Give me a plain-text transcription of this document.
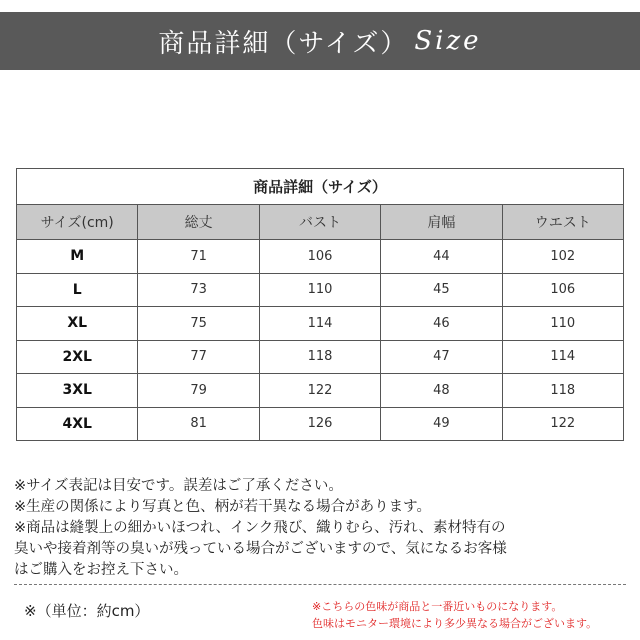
商品詳細（サイズ） Size
商品詳細（サイズ）				
サイズ(cm)	総丈	バスト	肩幅	ウエスト
M	71	106	44	102
L	73	110	45	106
XL	75	114	46	110
2XL	77	118	47	114
3XL	79	122	48	118
4XL	81	126	49	122

※サイズ表記は目安です。誤差はご了承ください。

※生産の関係により写真と色、柄が若干異なる場合があります。

※商品は縫製上の細かいほつれ、インク飛び、織りむら、汚れ、素材特有の

臭いや接着剤等の臭いが残っている場合がございますので、気になるお客様

はご購入をお控え下さい。

※（単位：約cm）	※こちらの色味が商品と一番近いものになります。

色味はモニター環境により多少異なる場合がございます。
